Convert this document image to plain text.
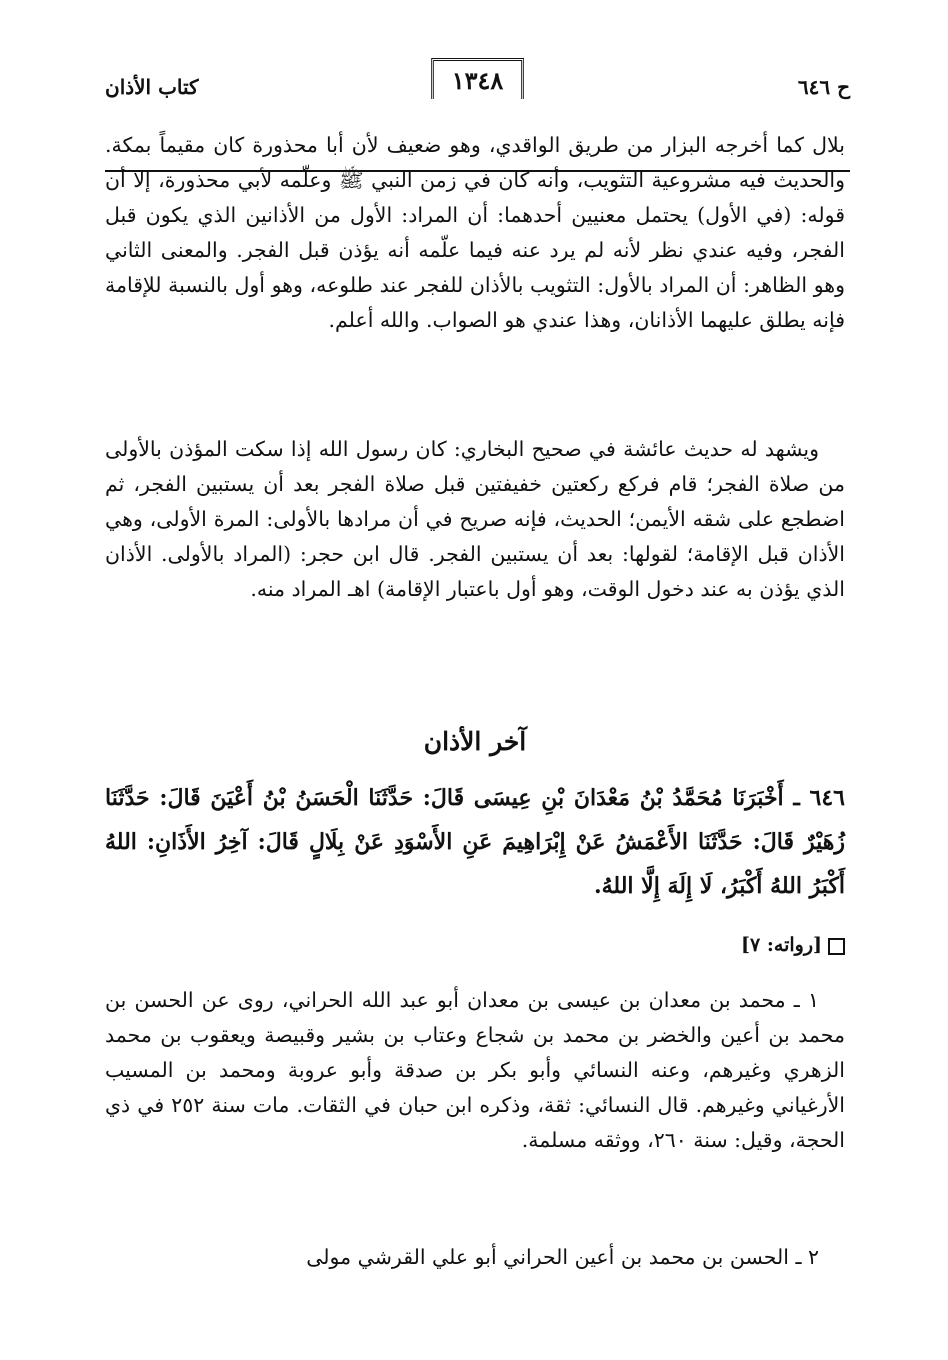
ح ٦٤٦
١٣٤٨
كتاب الأذان

بلال كما أخرجه البزار من طريق الواقدي، وهو ضعيف لأن أبا محذورة كان مقيماً بمكة. والحديث فيه مشروعية التثويب، وأنه كان في زمن النبي ﷺ وعلّمه لأبي محذورة، إلا أن قوله: (في الأول) يحتمل معنيين أحدهما: أن المراد: الأول من الأذانين الذي يكون قبل الفجر، وفيه عندي نظر لأنه لم يرد عنه فيما علّمه أنه يؤذن قبل الفجر. والمعنى الثاني وهو الظاهر: أن المراد بالأول: التثويب بالأذان للفجر عند طلوعه، وهو أول بالنسبة للإقامة فإنه يطلق عليهما الأذانان، وهذا عندي هو الصواب. والله أعلم.

ويشهد له حديث عائشة في صحيح البخاري: كان رسول الله إذا سكت المؤذن بالأولى من صلاة الفجر؛ قام فركع ركعتين خفيفتين قبل صلاة الفجر بعد أن يستبين الفجر، ثم اضطجع على شقه الأيمن؛ الحديث، فإنه صريح في أن مرادها بالأولى: المرة الأولى، وهي الأذان قبل الإقامة؛ لقولها: بعد أن يستبين الفجر. قال ابن حجر: (المراد بالأولى. الأذان الذي يؤذن به عند دخول الوقت، وهو أول باعتبار الإقامة) اهـ المراد منه.

آخر الأذان

٦٤٦ ـ أَخْبَرَنَا مُحَمَّدُ بْنُ مَعْدَانَ بْنِ عِيسَى قَالَ: حَدَّثَنَا الْحَسَنُ بْنُ أَعْيَنَ قَالَ: حَدَّثَنَا زُهَيْرٌ قَالَ: حَدَّثَنَا الأَعْمَشُ عَنْ إِبْرَاهِيمَ عَنِ الأَسْوَدِ عَنْ بِلَالٍ قَالَ: آخِرُ الأَذَانِ: اللهُ أَكْبَرُ اللهُ أَكْبَرُ، لَا إِلَهَ إِلَّا اللهُ.

[رواته: ٧]

١ ـ محمد بن معدان بن عيسى بن معدان أبو عبد الله الحراني، روى عن الحسن بن محمد بن أعين والخضر بن محمد بن شجاع وعتاب بن بشير وقبيصة ويعقوب بن محمد الزهري وغيرهم، وعنه النسائي وأبو بكر بن صدقة وأبو عروبة ومحمد بن المسيب الأرغياني وغيرهم. قال النسائي: ثقة، وذكره ابن حبان في الثقات. مات سنة ٢٥٢ في ذي الحجة، وقيل: سنة ٢٦٠، ووثقه مسلمة.

٢ ـ الحسن بن محمد بن أعين الحراني أبو علي القرشي مولى
